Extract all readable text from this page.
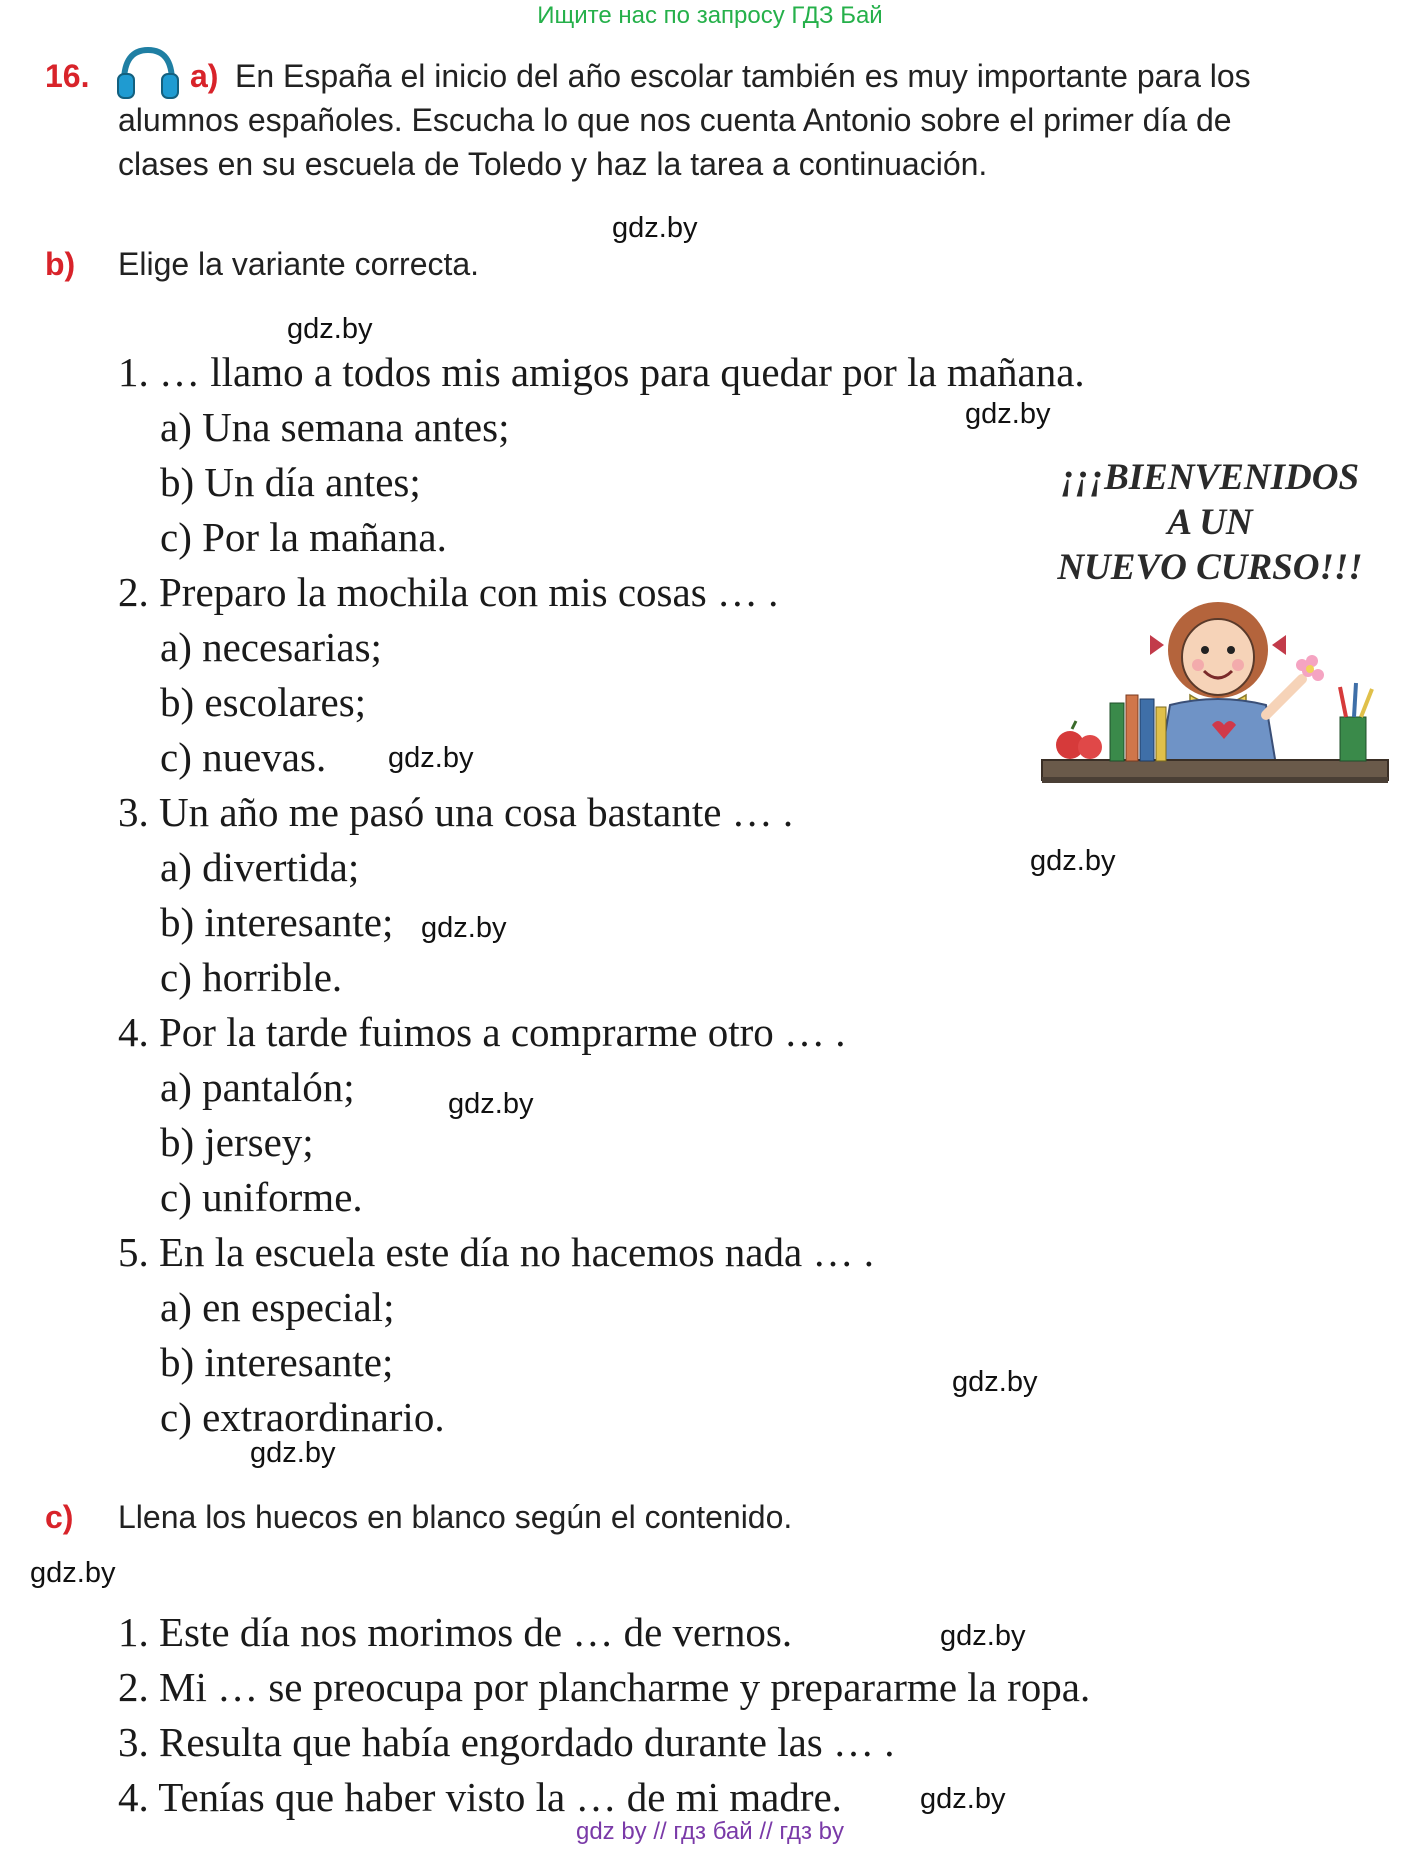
Ищите нас по запросу ГДЗ Бай
16.	a) En España el inicio del año escolar también es muy importante para los
alumnos españoles. Escucha lo que nos cuenta Antonio sobre el primer día de
clases en su escuela de Toledo y haz la tarea a continuación.
b) Elige la variante correcta.
1. … llamo a todos mis amigos para quedar por la mañana.
a) Una semana antes;
b) Un día antes;
c) Por la mañana.
2. Preparo la mochila con mis cosas … .
a) necesarias;
b) escolares;
c) nuevas.
3. Un año me pasó una cosa bastante … .
a) divertida;
b) interesante;
c) horrible.
4. Por la tarde fuimos a comprarme otro … .
a) pantalón;
b) jersey;
c) uniforme.
5. En la escuela este día no hacemos nada … .
a) en especial;
b) interesante;
c) extraordinario.
c) Llena los huecos en blanco según el contenido.
1. Este día nos morimos de … de vernos.
2. Mi … se preocupa por plancharme y prepararme la ropa.
3. Resulta que había engordado durante las … .
4. Tenías que haber visto la … de mi madre.
¡¡¡BIENVENIDOS
A UN
NUEVO CURSO!!!
gdz.by
gdz.by
gdz.by
gdz.by
gdz.by
gdz.by
gdz.by
gdz.by
gdz.by
gdz.by
gdz.by
gdz.by
gdz by // гдз бай // гдз by
